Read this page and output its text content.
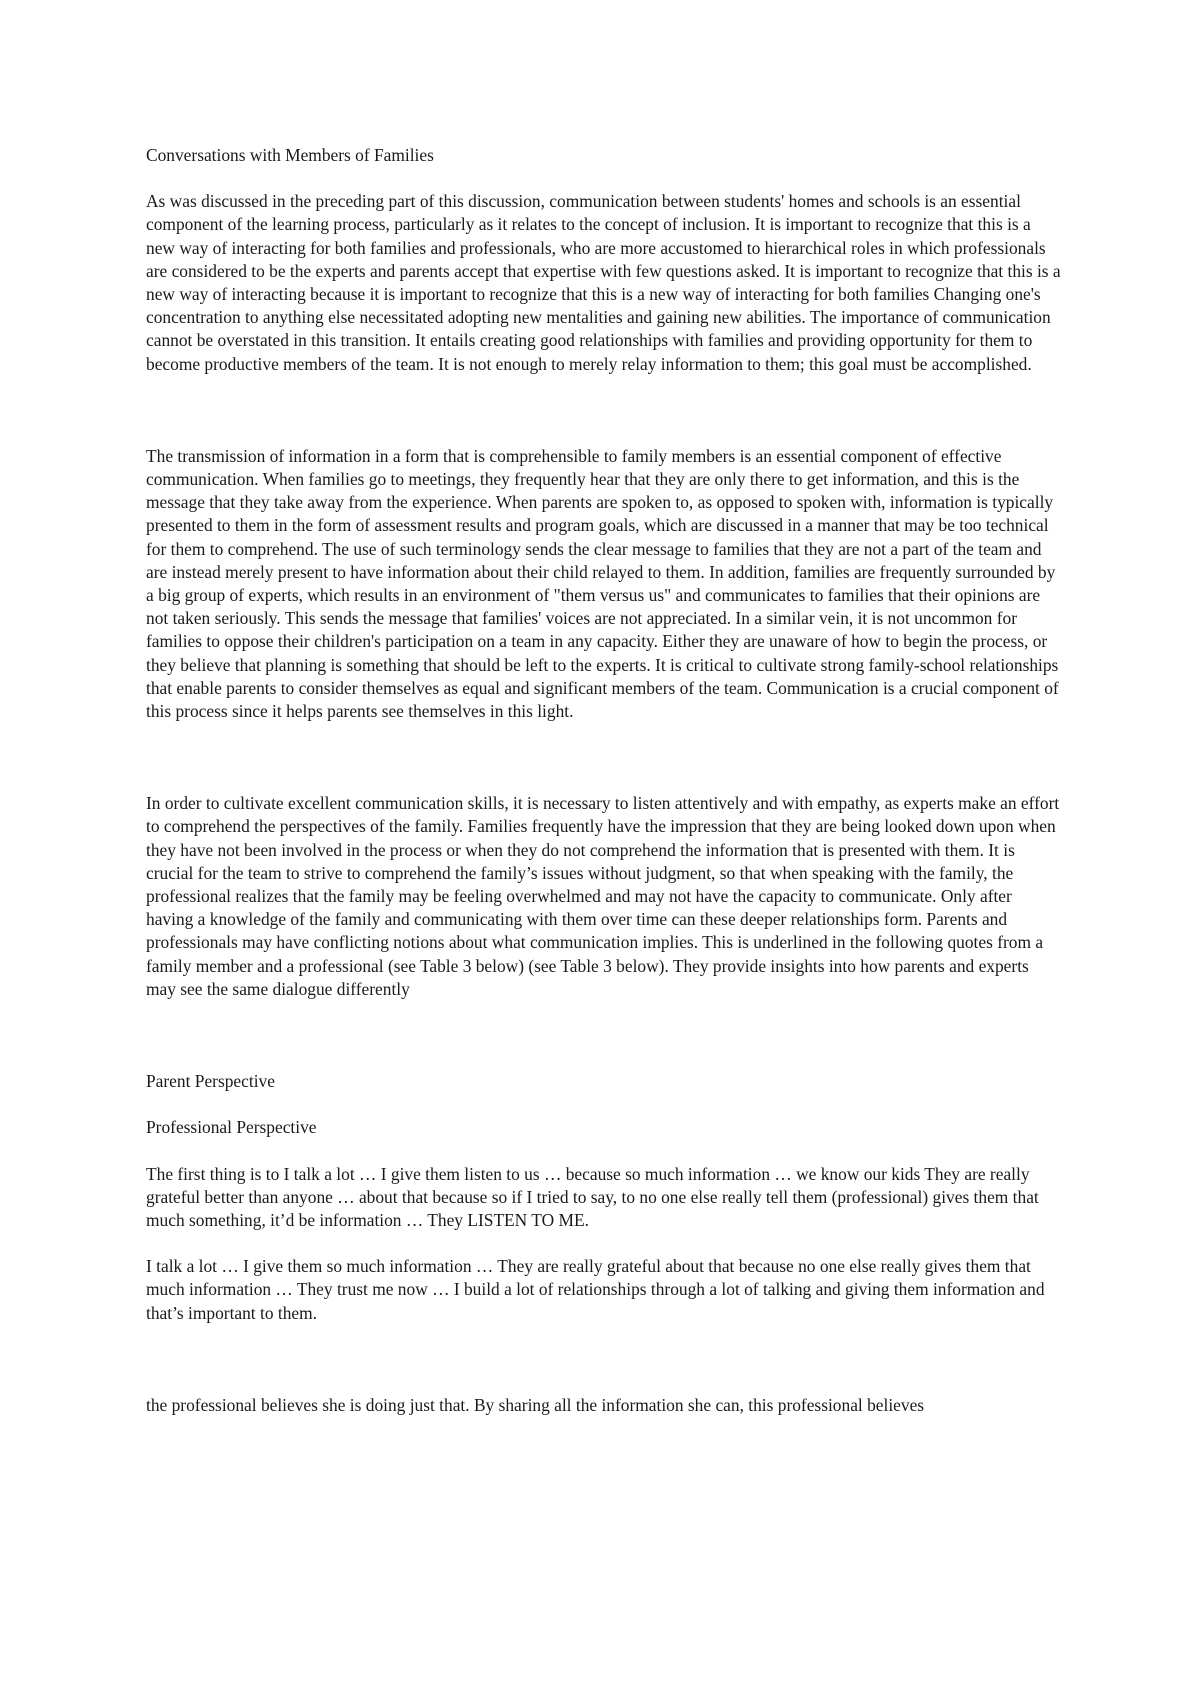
Conversations with Members of Families

As was discussed in the preceding part of this discussion, communication between students' homes and schools is an essential component of the learning process, particularly as it relates to the concept of inclusion. It is important to recognize that this is a new way of interacting for both families and professionals, who are more accustomed to hierarchical roles in which professionals are considered to be the experts and parents accept that expertise with few questions asked. It is important to recognize that this is a new way of interacting because it is important to recognize that this is a new way of interacting for both families Changing one's concentration to anything else necessitated adopting new mentalities and gaining new abilities. The importance of communication cannot be overstated in this transition. It entails creating good relationships with families and providing opportunity for them to become productive members of the team. It is not enough to merely relay information to them; this goal must be accomplished.

The transmission of information in a form that is comprehensible to family members is an essential component of effective communication. When families go to meetings, they frequently hear that they are only there to get information, and this is the message that they take away from the experience. When parents are spoken to, as opposed to spoken with, information is typically presented to them in the form of assessment results and program goals, which are discussed in a manner that may be too technical for them to comprehend. The use of such terminology sends the clear message to families that they are not a part of the team and are instead merely present to have information about their child relayed to them. In addition, families are frequently surrounded by a big group of experts, which results in an environment of "them versus us" and communicates to families that their opinions are not taken seriously. This sends the message that families' voices are not appreciated. In a similar vein, it is not uncommon for families to oppose their children's participation on a team in any capacity. Either they are unaware of how to begin the process, or they believe that planning is something that should be left to the experts. It is critical to cultivate strong family-school relationships that enable parents to consider themselves as equal and significant members of the team. Communication is a crucial component of this process since it helps parents see themselves in this light.

In order to cultivate excellent communication skills, it is necessary to listen attentively and with empathy, as experts make an effort to comprehend the perspectives of the family. Families frequently have the impression that they are being looked down upon when they have not been involved in the process or when they do not comprehend the information that is presented with them. It is crucial for the team to strive to comprehend the family’s issues without judgment, so that when speaking with the family, the professional realizes that the family may be feeling overwhelmed and may not have the capacity to communicate. Only after having a knowledge of the family and communicating with them over time can these deeper relationships form. Parents and professionals may have conflicting notions about what communication implies. This is underlined in the following quotes from a family member and a professional (see Table 3 below) (see Table 3 below). They provide insights into how parents and experts may see the same dialogue differently

Parent Perspective

Professional Perspective

The first thing is to I talk a lot … I give them listen to us … because so much information … we know our kids They are really grateful better than anyone … about that because so if I tried to say, to no one else really tell them (professional) gives them that much something, it’d be information … They LISTEN TO ME.

I talk a lot … I give them so much information … They are really grateful about that because no one else really gives them that much information … They trust me now … I build a lot of relationships through a lot of talking and giving them information and that’s important to them.

the professional believes she is doing just that. By sharing all the information she can, this professional believes
